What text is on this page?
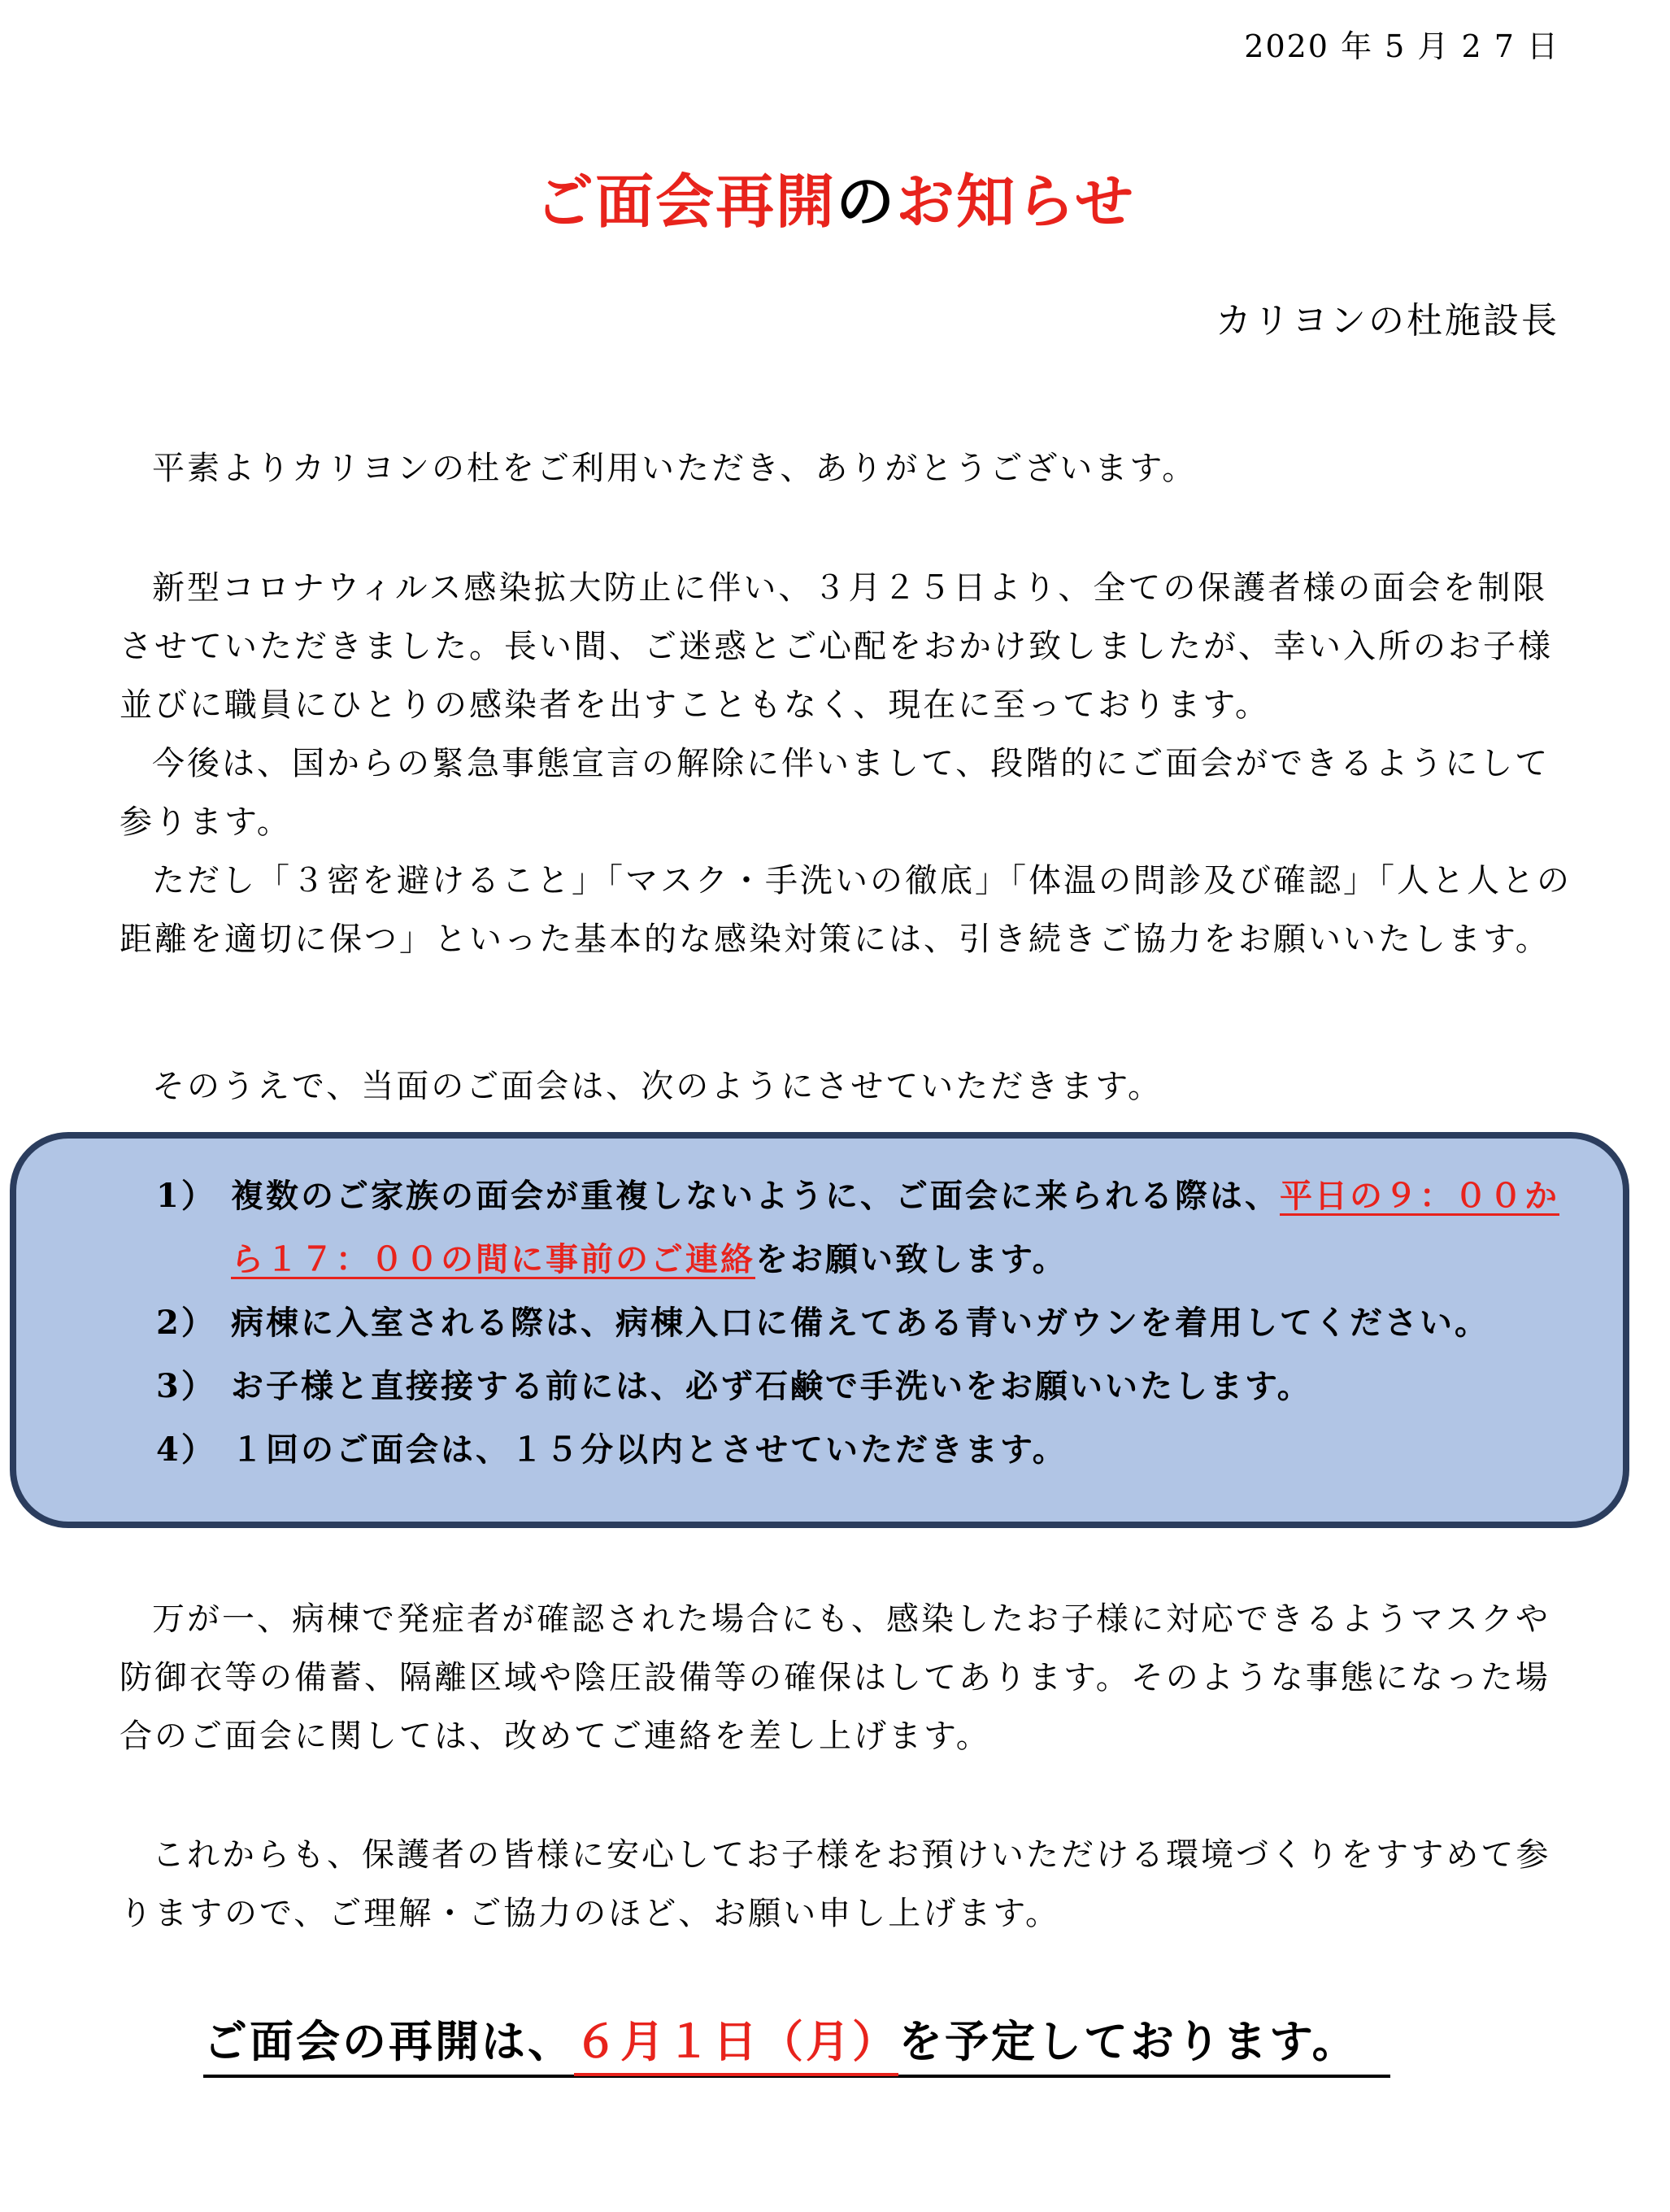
2020 年 5 月 2 7 日
ご面会再開のお知らせ
カリヨンの杜施設長

平素よりカリヨンの杜をご利用いただき、ありがとうございます。

新型コロナウィルス感染拡大防止に伴い、３月２５日より、全ての保護者様の面会を制限させていただきました。長い間、ご迷惑とご心配をおかけ致しましたが、幸い入所のお子様並びに職員にひとりの感染者を出すこともなく、現在に至っております。

今後は、国からの緊急事態宣言の解除に伴いまして、段階的にご面会ができるようにして参ります。

ただし「３密を避けること」「マスク・手洗いの徹底」「体温の問診及び確認」「人と人との距離を適切に保つ」といった基本的な感染対策には、引き続きご協力をお願いいたします。

そのうえで、当面のご面会は、次のようにさせていただきます。

1） 複数のご家族の面会が重複しないように、ご面会に来られる際は、平日の９：００から１７：００の間に事前のご連絡をお願い致します。
2） 病棟に入室される際は、病棟入口に備えてある青いガウンを着用してください。
3） お子様と直接接する前には、必ず石鹸で手洗いをお願いいたします。
4） １回のご面会は、１５分以内とさせていただきます。

万が一、病棟で発症者が確認された場合にも、感染したお子様に対応できるようマスクや防御衣等の備蓄、隔離区域や陰圧設備等の確保はしてあります。そのような事態になった場合のご面会に関しては、改めてご連絡を差し上げます。

これからも、保護者の皆様に安心してお子様をお預けいただける環境づくりをすすめて参りますので、ご理解・ご協力のほど、お願い申し上げます。

ご面会の再開は、６月１日（月）を予定しております。
